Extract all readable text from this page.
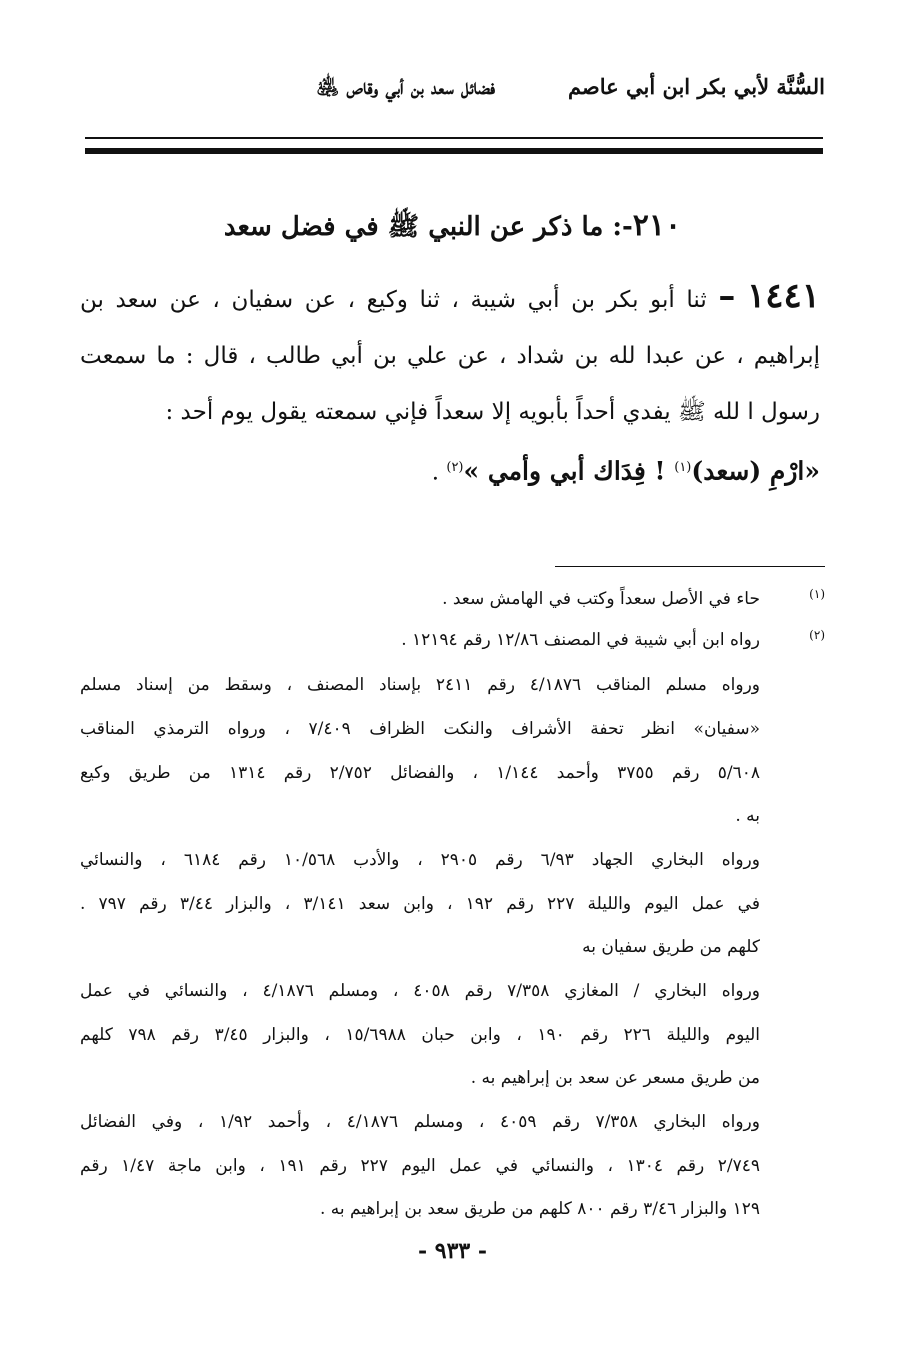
السُّنَّة لأبي بكر ابن أبي عاصم
فضائل سعد بن أبي وقاص ﵁
٢١٠-: ما ذكر عن النبي ﷺ في فضل سعد
١٤٤١ – ثنا أبو بكر بن أبي شيبة ، ثنا وكيع ، عن سفيان ، عن سعد بن إبراهيم ، عن عبدا لله بن شداد ، عن علي بن أبي طالب ، قال : ما سمعت رسول ا لله ﷺ يفدي أحداً بأبويه إلا سعداً فإني سمعته يقول يوم أحد :
«ارْمِ (سعد)$^{(١)}$ ! فِدَاك أبي وأمي »$^{(٢)}$ .
(١)
حاء في الأصل سعداً وكتب في الهامش سعد .
(٢)
رواه ابن أبي شيبة في المصنف ١٢/٨٦ رقم ١٢١٩٤ .
ورواه مسلم المناقب ٤/١٨٧٦ رقم ٢٤١١ بإسناد المصنف ، وسقط من إسناد مسلم
«سفيان» انظر تحفة الأشراف والنكت الظراف ٧/٤٠٩ ، ورواه الترمذي المناقب
٥/٦٠٨ رقم ٣٧٥٥ وأحمد ١/١٤٤ ، والفضائل ٢/٧٥٢ رقم ١٣١٤ من طريق وكيع
به .
ورواه البخاري الجهاد ٦/٩٣ رقم ٢٩٠٥ ، والأدب ١٠/٥٦٨ رقم ٦١٨٤ ، والنسائي
في عمل اليوم والليلة ٢٢٧ رقم ١٩٢ ، وابن سعد ٣/١٤١ ، والبزار ٣/٤٤ رقم ٧٩٧ .
كلهم من طريق سفيان به
ورواه البخاري / المغازي ٧/٣٥٨ رقم ٤٠٥٨ ، ومسلم ٤/١٨٧٦ ، والنسائي في عمل
اليوم والليلة ٢٢٦ رقم ١٩٠ ، وابن حبان ١٥/٦٩٨٨ ، والبزار ٣/٤٥ رقم ٧٩٨ كلهم
من طريق مسعر عن سعد بن إبراهيم به .
ورواه البخاري ٧/٣٥٨ رقم ٤٠٥٩ ، ومسلم ٤/١٨٧٦ ، وأحمد ١/٩٢ ، وفي الفضائل
٢/٧٤٩ رقم ١٣٠٤ ، والنسائي في عمل اليوم ٢٢٧ رقم ١٩١ ، وابن ماجة ١/٤٧ رقم
١٢٩ والبزار ٣/٤٦ رقم ٨٠٠ كلهم من طريق سعد بن إبراهيم به .
- ٩٣٣ -
